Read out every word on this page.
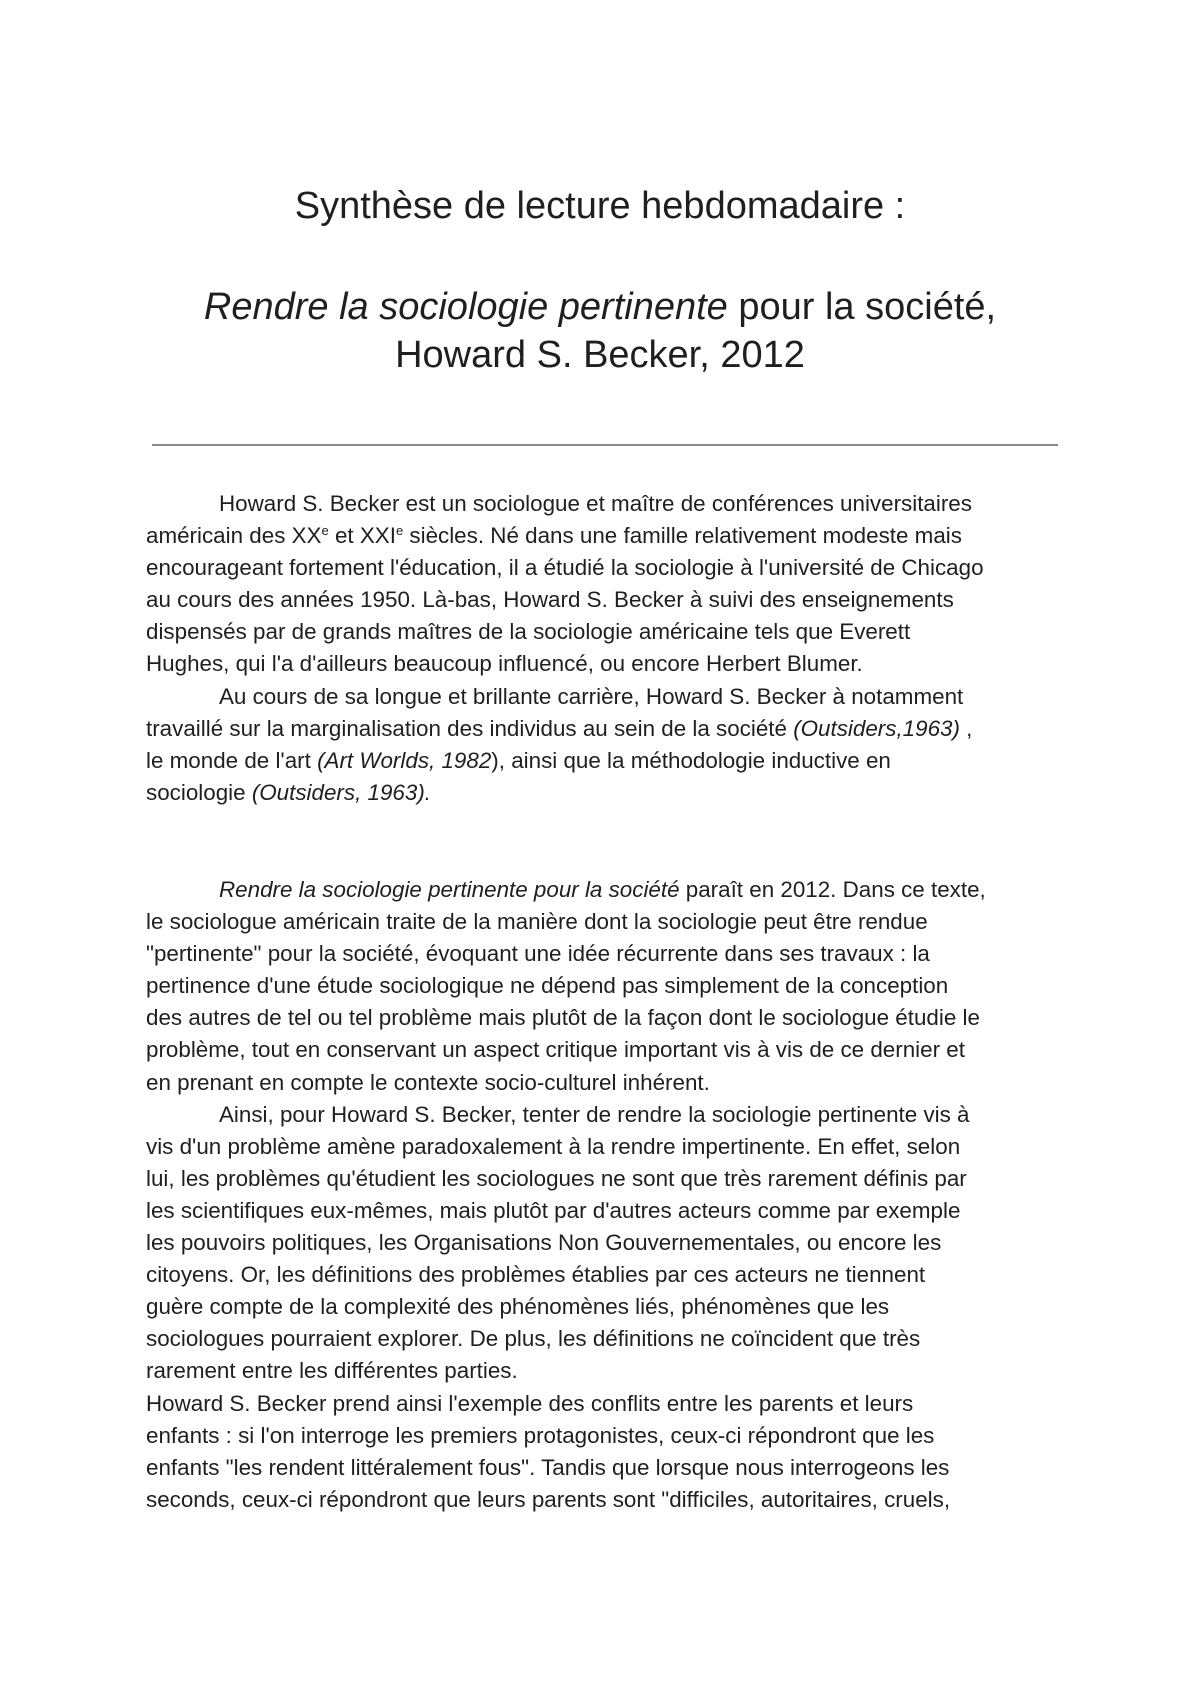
Synthèse de lecture hebdomadaire :
Rendre la sociologie pertinente pour la société,
Howard S. Becker, 2012

Howard S. Becker est un sociologue et maître de conférences universitaires
américain des XXe et XXIe siècles. Né dans une famille relativement modeste mais
encourageant fortement l'éducation, il a étudié la sociologie à l'université de Chicago
au cours des années 1950. Là-bas, Howard S. Becker à suivi des enseignements
dispensés par de grands maîtres de la sociologie américaine tels que Everett
Hughes, qui l'a d'ailleurs beaucoup influencé, ou encore Herbert Blumer.

Au cours de sa longue et brillante carrière, Howard S. Becker à notamment
travaillé sur la marginalisation des individus au sein de la société (Outsiders,1963) ,
le monde de l'art (Art Worlds, 1982), ainsi que la méthodologie inductive en
sociologie (Outsiders, 1963).

Rendre la sociologie pertinente pour la société paraît en 2012. Dans ce texte,
le sociologue américain traite de la manière dont la sociologie peut être rendue
"pertinente" pour la société, évoquant une idée récurrente dans ses travaux : la
pertinence d'une étude sociologique ne dépend pas simplement de la conception
des autres de tel ou tel problème mais plutôt de la façon dont le sociologue étudie le
problème, tout en conservant un aspect critique important vis à vis de ce dernier et
en prenant en compte le contexte socio-culturel inhérent.

Ainsi, pour Howard S. Becker, tenter de rendre la sociologie pertinente vis à
vis d'un problème amène paradoxalement à la rendre impertinente. En effet, selon
lui, les problèmes qu'étudient les sociologues ne sont que très rarement définis par
les scientifiques eux-mêmes, mais plutôt par d'autres acteurs comme par exemple
les pouvoirs politiques, les Organisations Non Gouvernementales, ou encore les
citoyens. Or, les définitions des problèmes établies par ces acteurs ne tiennent
guère compte de la complexité des phénomènes liés, phénomènes que les
sociologues pourraient explorer. De plus, les définitions ne coïncident que très
rarement entre les différentes parties.

Howard S. Becker prend ainsi l'exemple des conflits entre les parents et leurs
enfants : si l'on interroge les premiers protagonistes, ceux-ci répondront que les
enfants "les rendent littéralement fous". Tandis que lorsque nous interrogeons les
seconds, ceux-ci répondront que leurs parents sont "difficiles, autoritaires, cruels,
